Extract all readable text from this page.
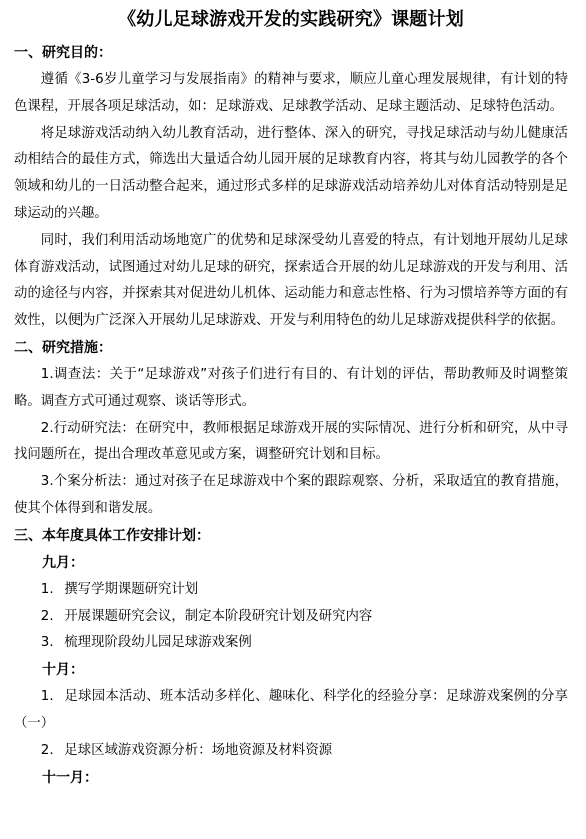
《幼儿足球游戏开发的实践研究》课题计划
一、研究目的：

遵循《3-6岁儿童学习与发展指南》的精神与要求，顺应儿童心理发展规律，有计划的特色课程，开展各项足球活动，如：足球游戏、足球教学活动、足球主题活动、足球特色活动。

将足球游戏活动纳入幼儿教育活动，进行整体、深入的研究，寻找足球活动与幼儿健康活动相结合的最佳方式，筛选出大量适合幼儿园开展的足球教育内容，将其与幼儿园教学的各个领域和幼儿的一日活动整合起来，通过形式多样的足球游戏活动培养幼儿对体育活动特别是足球运动的兴趣。

同时，我们利用活动场地宽广的优势和足球深受幼儿喜爱的特点，有计划地开展幼儿足球体育游戏活动，试图通过对幼儿足球的研究，探索适合开展的幼儿足球游戏的开发与利用、活动的途径与内容，并探索其对促进幼儿机体、运动能力和意志性格、行为习惯培养等方面的有效性，以便为广泛深入开展幼儿足球游戏、开发与利用特色的幼儿足球游戏提供科学的依据。

二、研究措施：

1.调查法：关于“足球游戏”对孩子们进行有目的、有计划的评估，帮助教师及时调整策略。调查方式可通过观察、谈话等形式。

2.行动研究法：在研究中，教师根据足球游戏开展的实际情况、进行分析和研究，从中寻找问题所在，提出合理改革意见或方案，调整研究计划和目标。

3.个案分析法：通过对孩子在足球游戏中个案的跟踪观察、分析，采取适宜的教育措施，使其个体得到和谐发展。

三、本年度具体工作安排计划：
九月：

1. 撰写学期课题研究计划

2. 开展课题研究会议，制定本阶段研究计划及研究内容

3. 梳理现阶段幼儿园足球游戏案例

十月：

1. 足球园本活动、班本活动多样化、趣味化、科学化的经验分享：足球游戏案例的分享（一）

2. 足球区域游戏资源分析：场地资源及材料资源

十一月：
